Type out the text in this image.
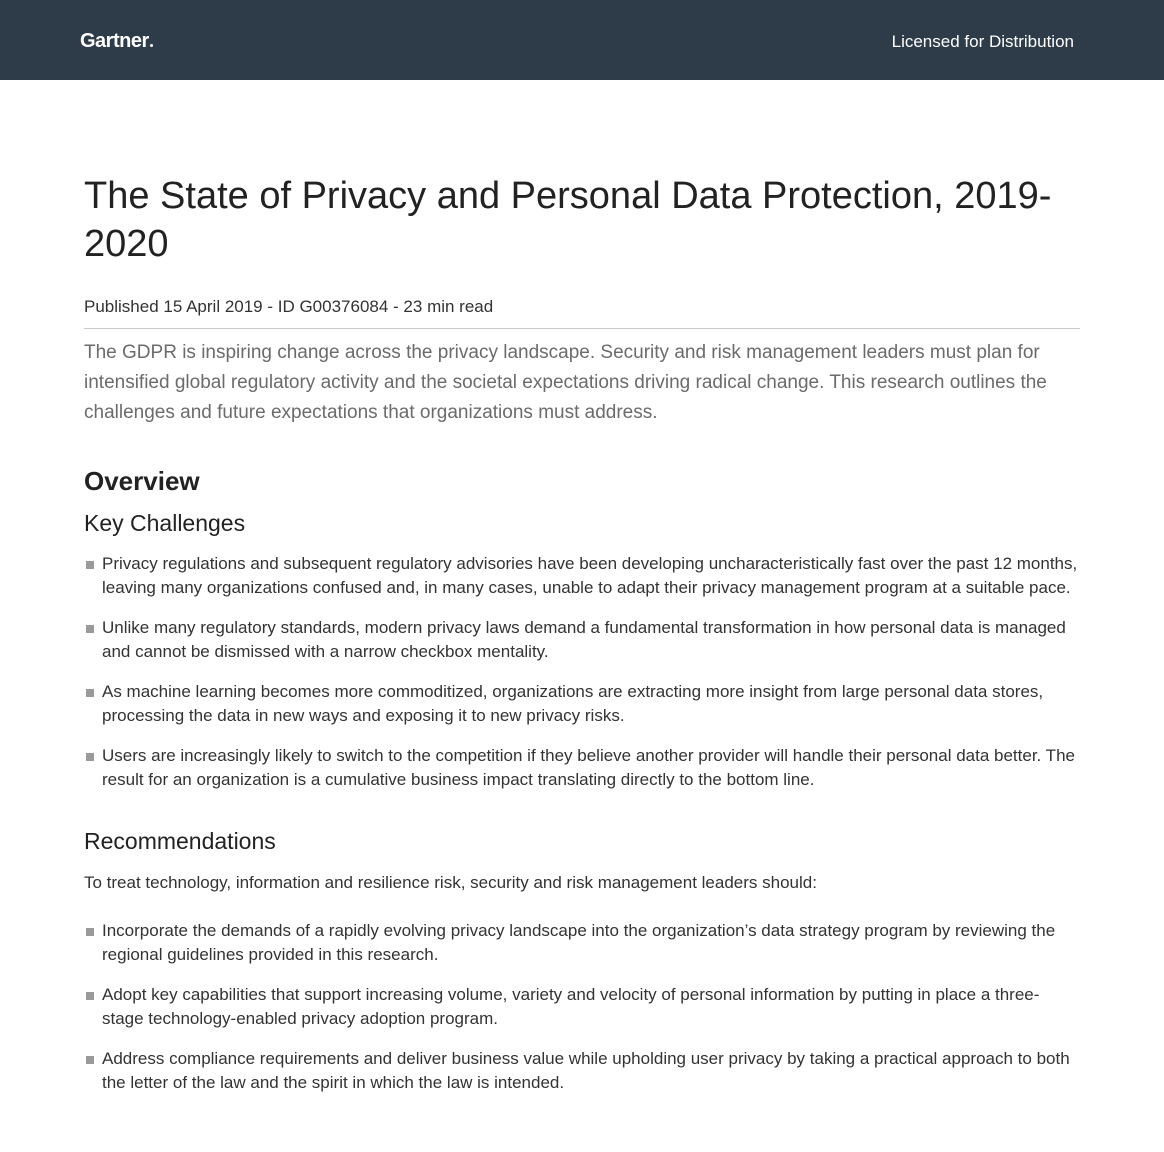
Gartner	Licensed for Distribution
The State of Privacy and Personal Data Protection, 2019-2020
Published 15 April 2019 - ID G00376084 - 23 min read
The GDPR is inspiring change across the privacy landscape. Security and risk management leaders must plan for intensified global regulatory activity and the societal expectations driving radical change. This research outlines the challenges and future expectations that organizations must address.
Overview
Key Challenges
Privacy regulations and subsequent regulatory advisories have been developing uncharacteristically fast over the past 12 months, leaving many organizations confused and, in many cases, unable to adapt their privacy management program at a suitable pace.
Unlike many regulatory standards, modern privacy laws demand a fundamental transformation in how personal data is managed and cannot be dismissed with a narrow checkbox mentality.
As machine learning becomes more commoditized, organizations are extracting more insight from large personal data stores, processing the data in new ways and exposing it to new privacy risks.
Users are increasingly likely to switch to the competition if they believe another provider will handle their personal data better. The result for an organization is a cumulative business impact translating directly to the bottom line.
Recommendations
To treat technology, information and resilience risk, security and risk management leaders should:
Incorporate the demands of a rapidly evolving privacy landscape into the organization’s data strategy program by reviewing the regional guidelines provided in this research.
Adopt key capabilities that support increasing volume, variety and velocity of personal information by putting in place a three-stage technology-enabled privacy adoption program.
Address compliance requirements and deliver business value while upholding user privacy by taking a practical approach to both the letter of the law and the spirit in which the law is intended.
